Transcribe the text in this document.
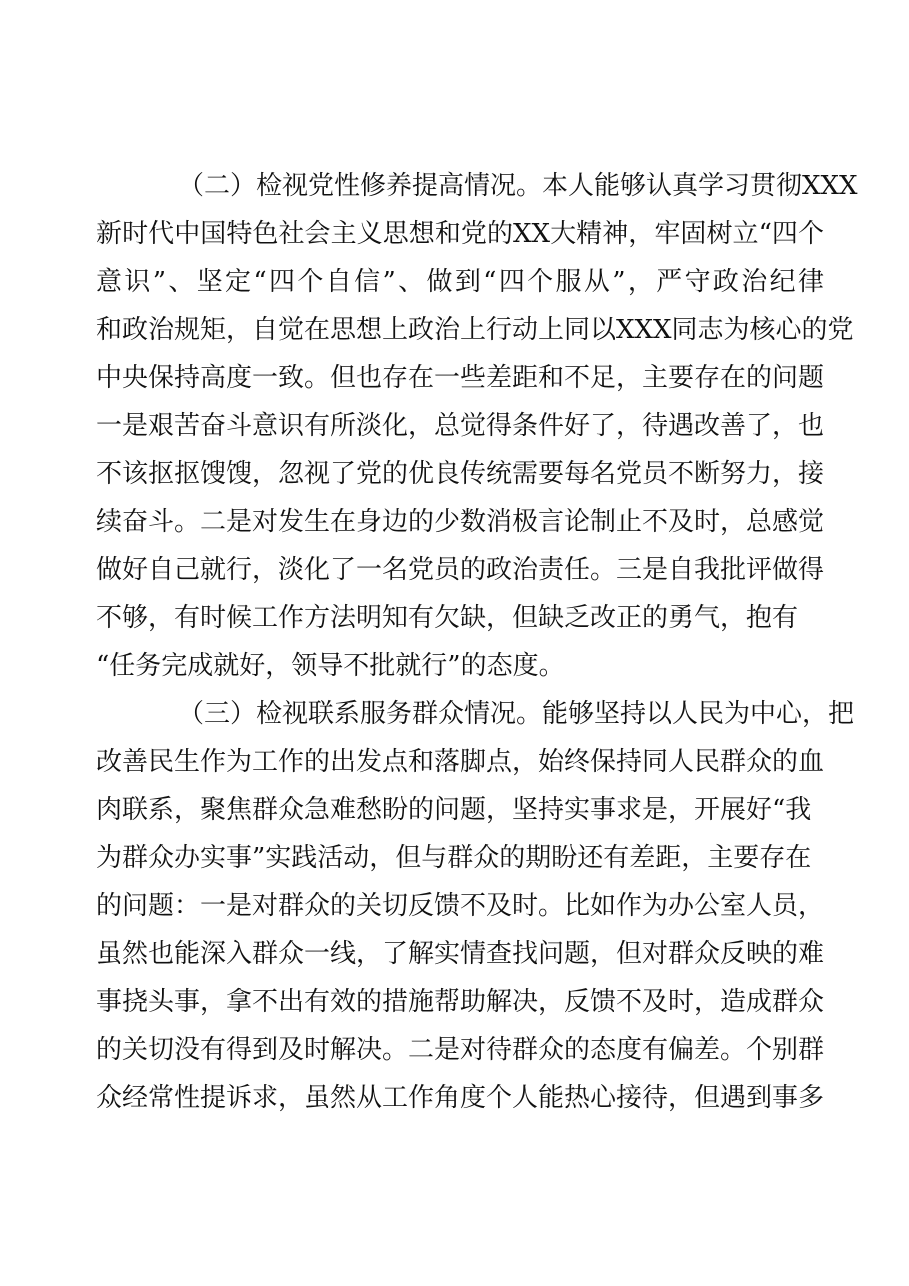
（二）检视党性修养提高情况。本人能够认真学习贯彻XXX
新时代中国特色社会主义思想和党的XX大精神，牢固树立“四个
意识”、坚定“四个自信”、做到“四个服从”，严守政治纪律
和政治规矩，自觉在思想上政治上行动上同以XXX同志为核心的党
中央保持高度一致。但也存在一些差距和不足，主要存在的问题
一是艰苦奋斗意识有所淡化，总觉得条件好了，待遇改善了，也
不该抠抠馊馊，忽视了党的优良传统需要每名党员不断努力，接
续奋斗。二是对发生在身边的少数消极言论制止不及时，总感觉
做好自己就行，淡化了一名党员的政治责任。三是自我批评做得
不够，有时候工作方法明知有欠缺，但缺乏改正的勇气，抱有
“任务完成就好，领导不批就行”的态度。
（三）检视联系服务群众情况。能够坚持以人民为中心，把
改善民生作为工作的出发点和落脚点，始终保持同人民群众的血
肉联系，聚焦群众急难愁盼的问题，坚持实事求是，开展好“我
为群众办实事”实践活动，但与群众的期盼还有差距，主要存在
的问题：一是对群众的关切反馈不及时。比如作为办公室人员，
虽然也能深入群众一线，了解实情查找问题，但对群众反映的难
事挠头事，拿不出有效的措施帮助解决，反馈不及时，造成群众
的关切没有得到及时解决。二是对待群众的态度有偏差。个别群
众经常性提诉求，虽然从工作角度个人能热心接待，但遇到事多
